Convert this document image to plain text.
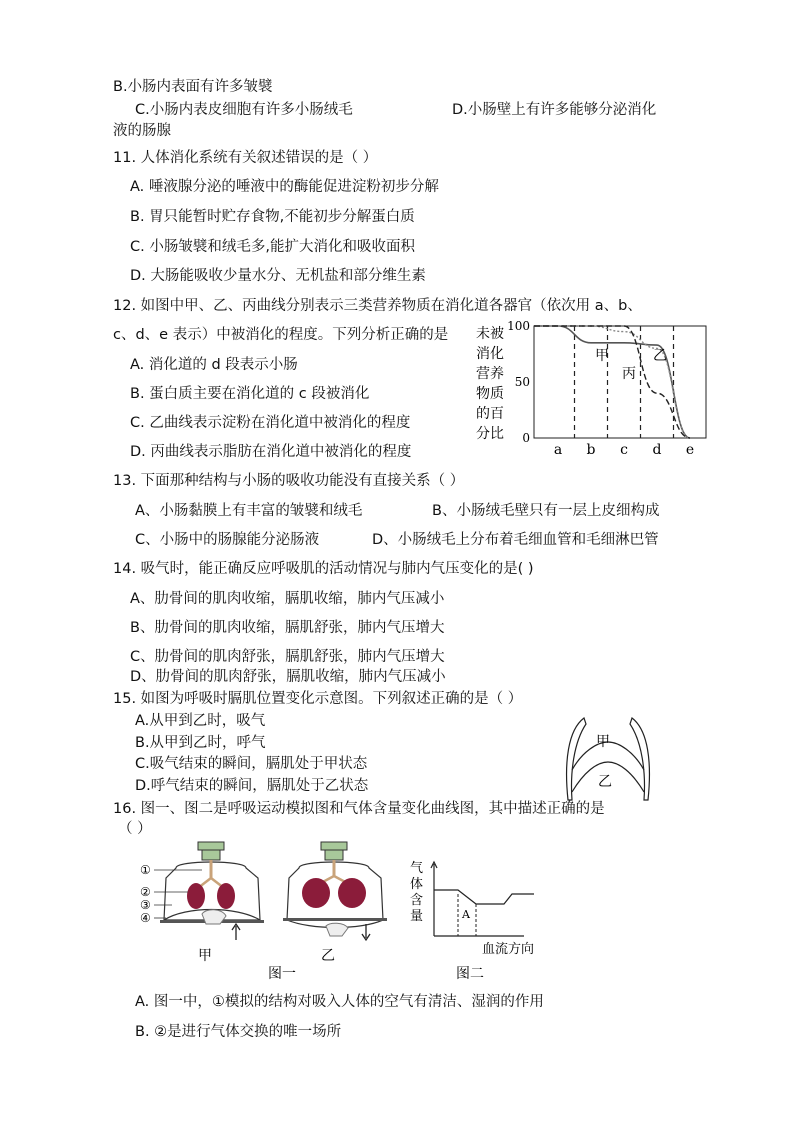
B.小肠内表面有许多皱襞
C.小肠内表皮细胞有许多小肠绒毛	D.小肠壁上有许多能够分泌消化
液的肠腺
11. 人体消化系统有关叙述错误的是（ ）
A. 唾液腺分泌的唾液中的酶能促进淀粉初步分解
B. 胃只能暂时贮存食物,不能初步分解蛋白质
C. 小肠皱襞和绒毛多,能扩大消化和吸收面积
D. 大肠能吸收少量水分、无机盐和部分维生素
12. 如图中甲、乙、丙曲线分别表示三类营养物质在消化道各器官（依次用 a、b、
c、d、e 表示）中被消化的程度。下列分析正确的是
A. 消化道的 d 段表示小肠
B. 蛋白质主要在消化道的 c 段被消化
C. 乙曲线表示淀粉在消化道中被消化的程度
D. 丙曲线表示脂肪在消化道中被消化的程度
未被
消化
营养
物质
的百
分比
100
50
0
a b c d e
甲	乙
丙
13. 下面那种结构与小肠的吸收功能没有直接关系（ ）
A、小肠黏膜上有丰富的皱襞和绒毛	B、小肠绒毛壁只有一层上皮细构成
C、小肠中的肠腺能分泌肠液	D、小肠绒毛上分布着毛细血管和毛细淋巴管
14. 吸气时，能正确反应呼吸肌的活动情况与肺内气压变化的是( )
A、肋骨间的肌肉收缩，膈肌收缩，肺内气压减小
B、肋骨间的肌肉收缩，膈肌舒张，肺内气压增大
C、肋骨间的肌肉舒张，膈肌舒张，肺内气压增大
D、肋骨间的肌肉舒张，膈肌收缩，肺内气压减小
15. 如图为呼吸时膈肌位置变化示意图。下列叙述正确的是（ ）
A.从甲到乙时，吸气
B.从甲到乙时，呼气
C.吸气结束的瞬间，膈肌处于甲状态
D.呼气结束的瞬间，膈肌处于乙状态
甲
乙
16. 图一、图二是呼吸运动模拟图和气体含量变化曲线图，其中描述正确的是
（ ）
甲
①
②
③
④
乙
图一
气
体
含
量	A
血流方向
图二
A. 图一中，①模拟的结构对吸入人体的空气有清洁、湿润的作用
B. ②是进行气体交换的唯一场所
